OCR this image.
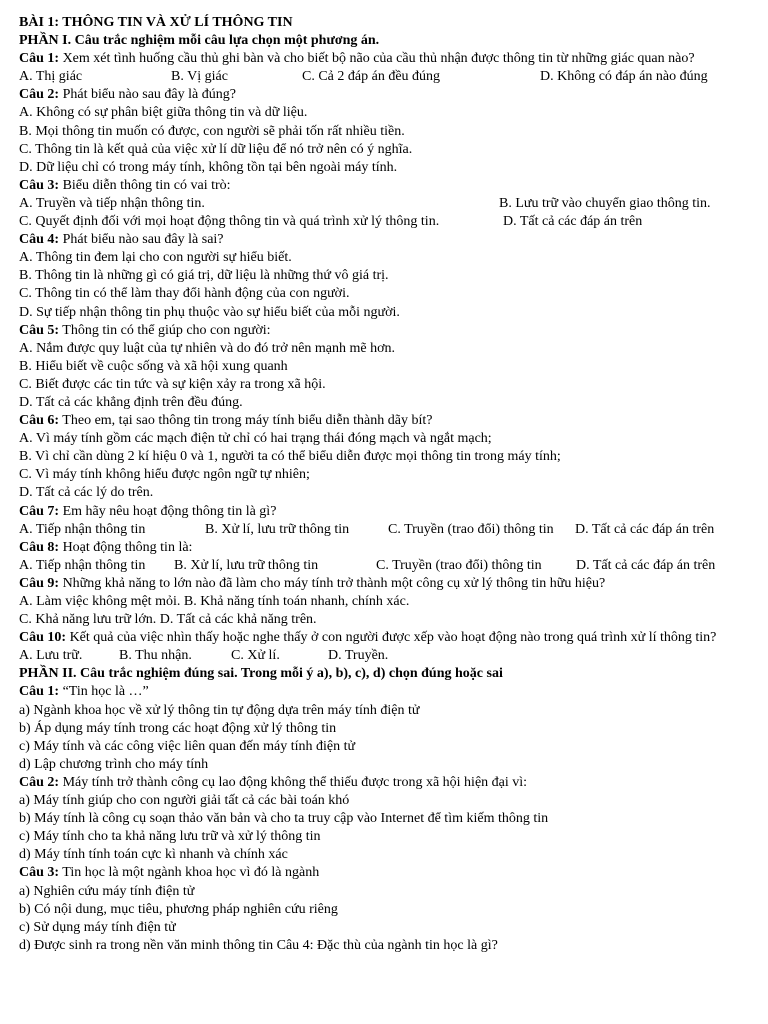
BÀI 1: THÔNG TIN VÀ XỬ LÍ THÔNG TIN
PHẦN I. Câu trắc nghiệm mỗi câu lựa chọn một phương án.
Câu 1: Xem xét tình huống cầu thủ ghi bàn và cho biết bộ não của cầu thủ nhận được thông tin từ những giác quan nào?
A. Thị giác	B. Vị giác	C. Cả 2 đáp án đều đúng	D. Không có đáp án nào đúng
Câu 2: Phát biểu nào sau đây là đúng?
A. Không có sự phân biệt giữa thông tin và dữ liệu.
B. Mọi thông tin muốn có được, con người sẽ phải tốn rất nhiều tiền.
C. Thông tin là kết quả của việc xử lí dữ liệu để nó trở nên có ý nghĩa.
D. Dữ liệu chỉ có trong máy tính, không tồn tại bên ngoài máy tính.
Câu 3: Biểu diễn thông tin có vai trò:
A. Truyền và tiếp nhận thông tin.	B. Lưu trữ vào chuyển giao thông tin.
C. Quyết định đối với mọi hoạt động thông tin và quá trình xử lý thông tin.	D. Tất cả các đáp án trên
Câu 4: Phát biểu nào sau đây là sai?
A. Thông tin đem lại cho con người sự hiểu biết.
B. Thông tin là những gì có giá trị, dữ liệu là những thứ vô giá trị.
C. Thông tin có thể làm thay đổi hành động của con người.
D. Sự tiếp nhận thông tin phụ thuộc vào sự hiểu biết của mỗi người.
Câu 5: Thông tin có thể giúp cho con người:
A. Nắm được quy luật của tự nhiên và do đó trở nên mạnh mẽ hơn.
B. Hiểu biết về cuộc sống và xã hội xung quanh
C. Biết được các tin tức và sự kiện xảy ra trong xã hội.
D. Tất cả các khẳng định trên đều đúng.
Câu 6: Theo em, tại sao thông tin trong máy tính biểu diễn thành dãy bít?
A. Vì máy tính gồm các mạch điện tử chỉ có hai trạng thái đóng mạch và ngắt mạch;
B. Vì chỉ cần dùng 2 kí hiệu 0 và 1, người ta có thể biểu diễn được mọi thông tin trong máy tính;
C. Vì máy tính không hiểu được ngôn ngữ tự nhiên;
D. Tất cả các lý do trên.
Câu 7: Em hãy nêu hoạt động thông tin là gì?
A. Tiếp nhận thông tin	B. Xử lí, lưu trữ thông tin	C. Truyền (trao đổi) thông tin	D. Tất cả các đáp án trên
Câu 8: Hoạt động thông tin là:
A. Tiếp nhận thông tin	B. Xử lí, lưu trữ thông tin	C. Truyền (trao đổi) thông tin	D. Tất cả các đáp án trên
Câu 9: Những khả năng to lớn nào đã làm cho máy tính trở thành một công cụ xử lý thông tin hữu hiệu?
A. Làm việc không mệt mỏi. B. Khả năng tính toán nhanh, chính xác.
C. Khả năng lưu trữ lớn. D. Tất cả các khả năng trên.
Câu 10: Kết quả của việc nhìn thấy hoặc nghe thấy ở con người được xếp vào hoạt động nào trong quá trình xử lí thông tin?
A. Lưu trữ.	B. Thu nhận.	C. Xử lí.	D. Truyền.
PHẦN II. Câu trắc nghiệm đúng sai. Trong mỗi ý a), b), c), d) chọn đúng hoặc sai
Câu 1: “Tin học là …”
a) Ngành khoa học về xử lý thông tin tự động dựa trên máy tính điện tử
b) Áp dụng máy tính trong các hoạt động xử lý thông tin
c) Máy tính và các công việc liên quan đến máy tính điện tử
d) Lập chương trình cho máy tính
Câu 2: Máy tính trở thành công cụ lao động không thể thiếu được trong xã hội hiện đại vì:
a) Máy tính giúp cho con người giải tất cả các bài toán khó
b) Máy tính là công cụ soạn thảo văn bản và cho ta truy cập vào Internet để tìm kiếm thông tin
c) Máy tính cho ta khả năng lưu trữ và xử lý thông tin
d) Máy tính tính toán cực kì nhanh và chính xác
Câu 3: Tin học là một ngành khoa học vì đó là ngành
a) Nghiên cứu máy tính điện tử
b) Có nội dung, mục tiêu, phương pháp nghiên cứu riêng
c) Sử dụng máy tính điện tử
d) Được sinh ra trong nền văn minh thông tin Câu 4: Đặc thù của ngành tin học là gì?
